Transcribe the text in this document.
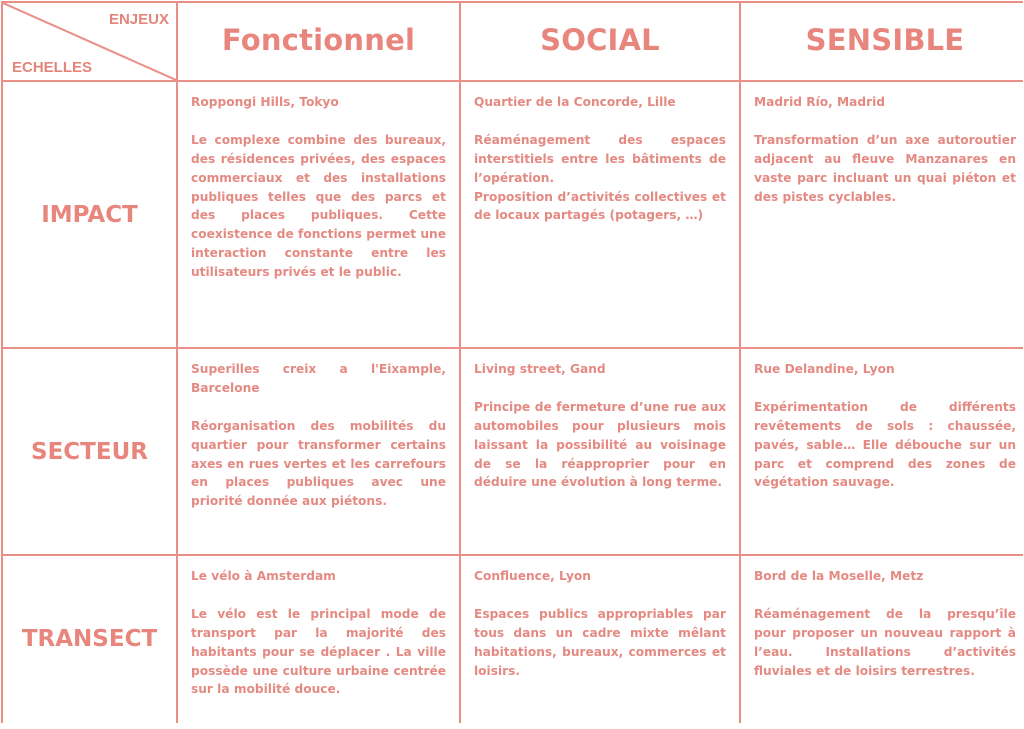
ENJEUX
ECHELLES
Fonctionnel	SOCIAL	SENSIBLE
IMPACT

Roppongi Hills, Tokyo

Le complexe combine des bureaux, des résidences privées, des espaces commerciaux et des installations publiques telles que des parcs et des places publiques. Cette coexistence de fonctions permet une interaction constante entre les utilisateurs privés et le public.

Quartier de la Concorde, Lille

Réaménagement des espaces interstitiels entre les bâtiments de l’opération.
Proposition d’activités collectives et de locaux partagés (potagers, …)

Madrid Río, Madrid

Transformation d’un axe autoroutier adjacent au fleuve Manzanares en vaste parc incluant un quai piéton et des pistes cyclables.

SECTEUR

Superilles creix a l'Eixample, Barcelone

Réorganisation des mobilités du quartier pour transformer certains axes en rues vertes et les carrefours en places publiques avec une priorité donnée aux piétons.

Living street, Gand

Principe de fermeture d’une rue aux automobiles pour plusieurs mois laissant la possibilité au voisinage de se la réapproprier pour en déduire une évolution à long terme.

Rue Delandine, Lyon

Expérimentation de différents revêtements de sols : chaussée, pavés, sable… Elle débouche sur un parc et comprend des zones de végétation sauvage.

TRANSECT

Le vélo à Amsterdam

Le vélo est le principal mode de transport par la majorité des habitants pour se déplacer . La ville possède une culture urbaine centrée sur la mobilité douce.

Confluence, Lyon

Espaces publics appropriables par tous dans un cadre mixte mêlant habitations, bureaux, commerces et loisirs.

Bord de la Moselle, Metz

Réaménagement de la presqu’île pour proposer un nouveau rapport à l’eau. Installations d’activités fluviales et de loisirs terrestres.
